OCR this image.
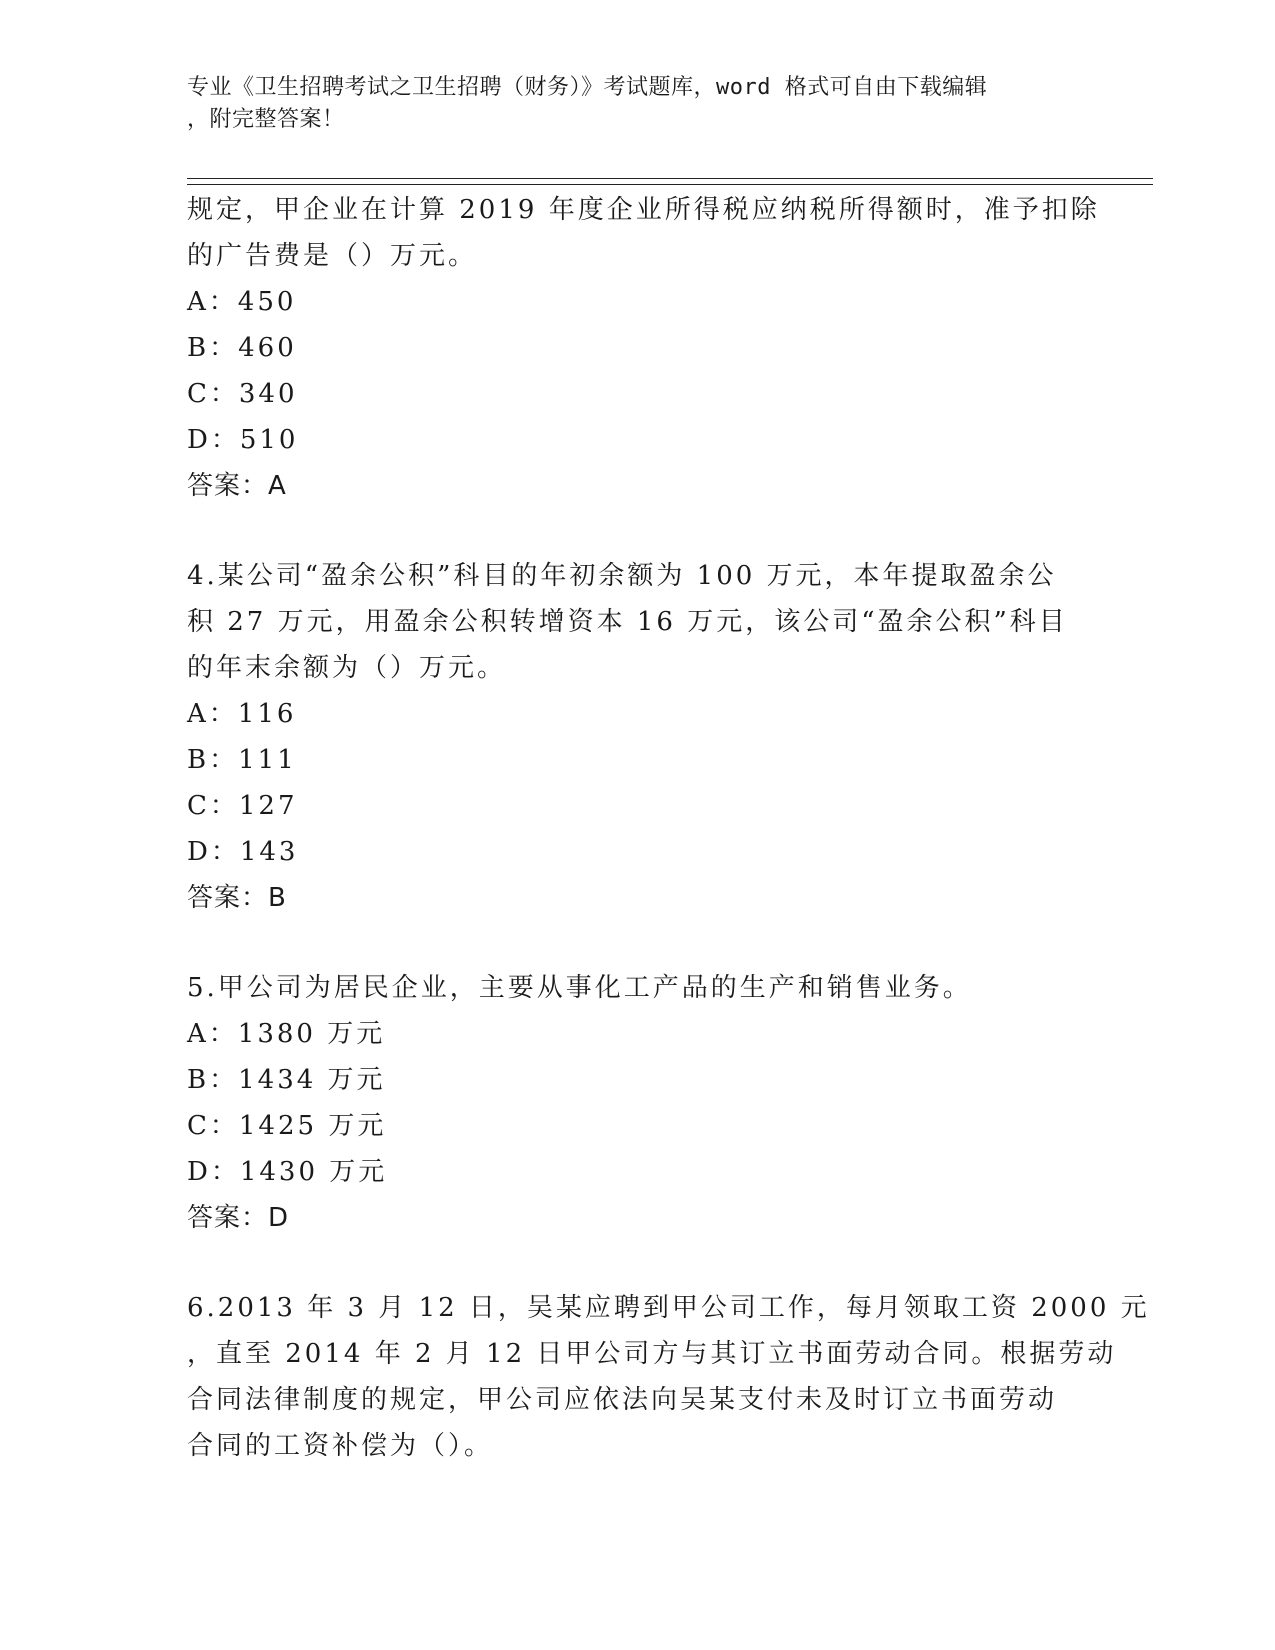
专业《卫生招聘考试之卫生招聘（财务）》考试题库，word 格式可自由下载编辑
，附完整答案！
规定，甲企业在计算 2019 年度企业所得税应纳税所得额时，准予扣除
的广告费是（）万元。
A：450
B：460
C：340
D：510
答案：A
4.某公司“盈余公积”科目的年初余额为 100 万元，本年提取盈余公
积 27 万元，用盈余公积转增资本 16 万元，该公司“盈余公积”科目
的年末余额为（）万元。
A：116
B：111
C：127
D：143
答案：B
5.甲公司为居民企业，主要从事化工产品的生产和销售业务。
A：1380 万元
B：1434 万元
C：1425 万元
D：1430 万元
答案：D
6.2013 年 3 月 12 日，吴某应聘到甲公司工作，每月领取工资 2000 元
，直至 2014 年 2 月 12 日甲公司方与其订立书面劳动合同。根据劳动
合同法律制度的规定，甲公司应依法向吴某支付未及时订立书面劳动
合同的工资补偿为（）。
